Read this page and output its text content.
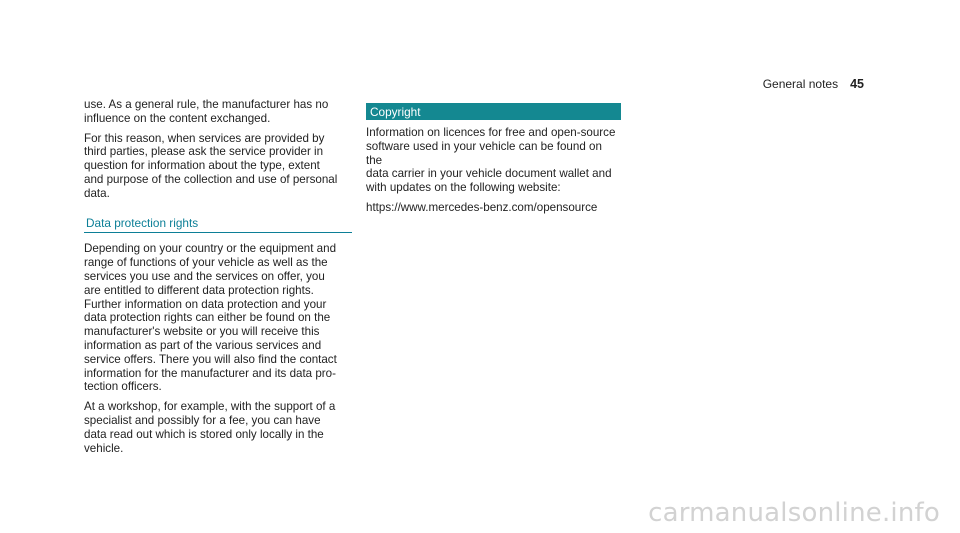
General notes 45

use. As a general rule, the manufacturer has no

influence on the content exchanged.

For this reason, when services are provided by

third parties, please ask the service provider in

question for information about the type, extent

and purpose of the collection and use of personal

data.

Data protection rights

Depending on your country or the equipment and

range of functions of your vehicle as well as the

services you use and the services on offer, you

are entitled to different data protection rights.

Further information on data protection and your

data protection rights can either be found on the

manufacturer's website or you will receive this

information as part of the various services and

service offers. There you will also find the contact

information for the manufacturer and its data pro-

tection officers.

At a workshop, for example, with the support of a

specialist and possibly for a fee, you can have

data read out which is stored only locally in the

vehicle.

Copyright

Information on licences for free and open-source

software used in your vehicle can be found on the

data carrier in your vehicle document wallet and

with updates on the following website:

https://www.mercedes-benz.com/opensource

carmanualsonline.info
